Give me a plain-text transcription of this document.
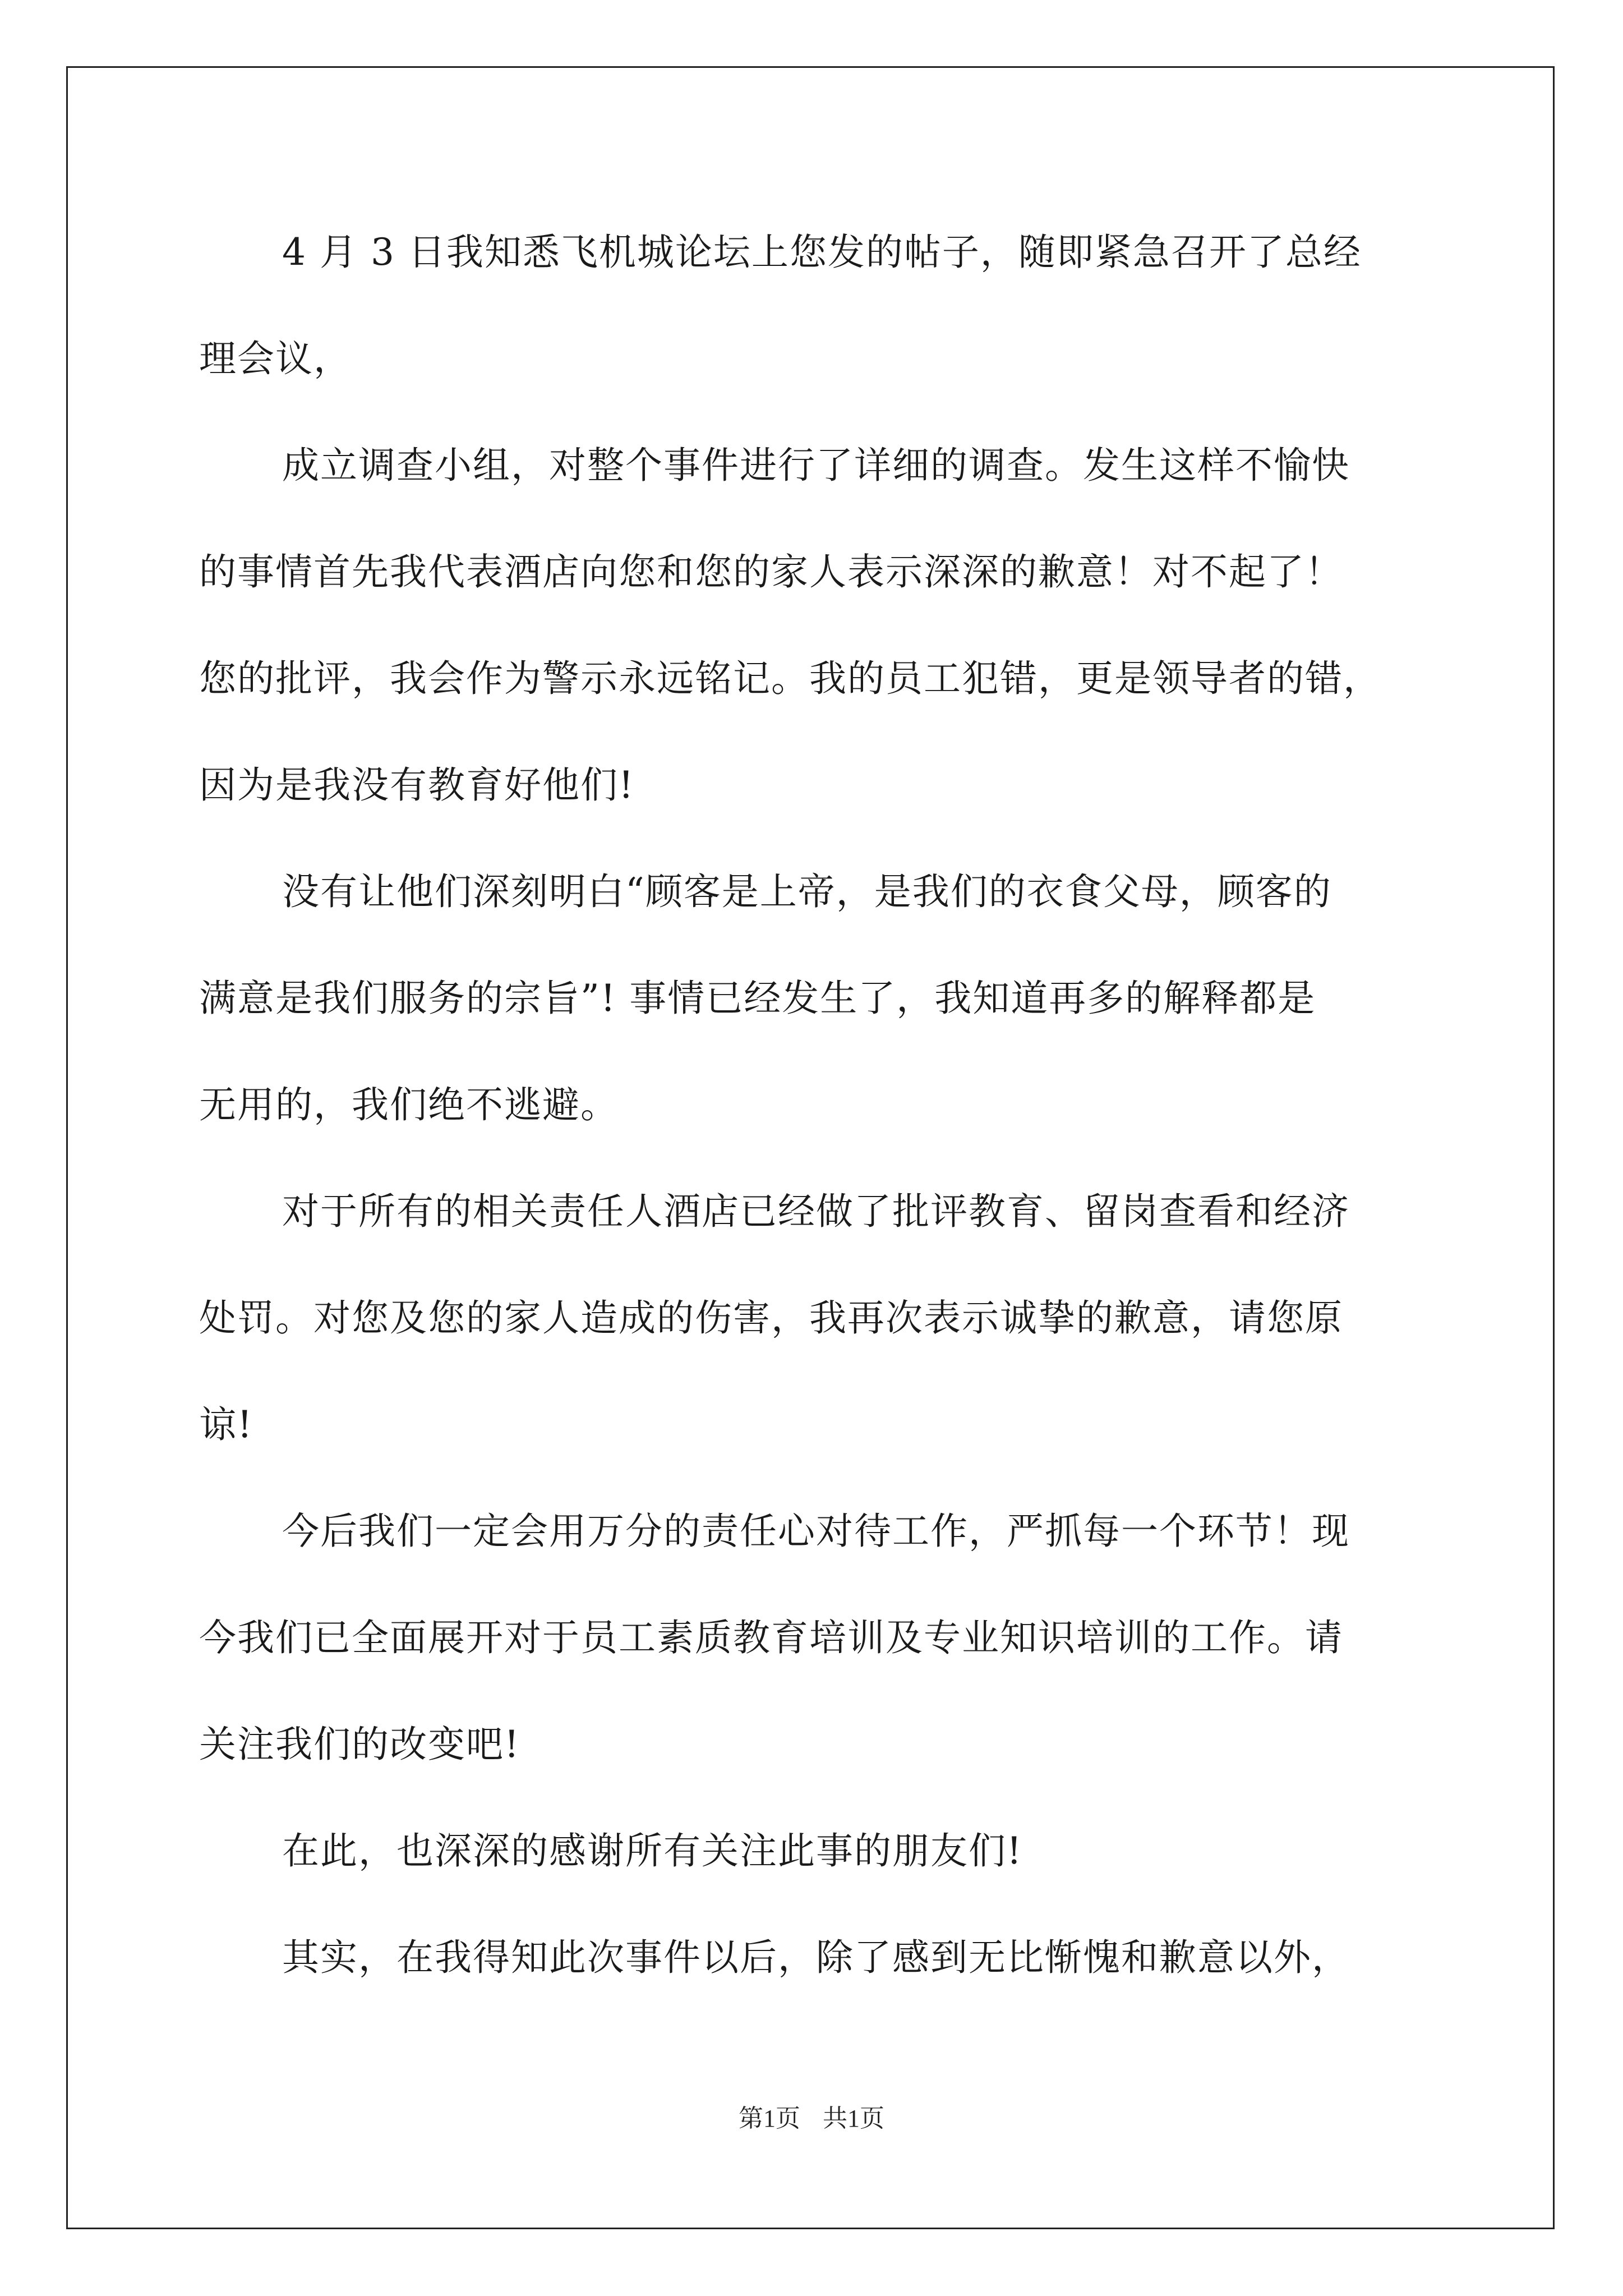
4 月 3 日我知悉飞机城论坛上您发的帖子，随即紧急召开了总经
理会议，
成立调查小组，对整个事件进行了详细的调查。发生这样不愉快
的事情首先我代表酒店向您和您的家人表示深深的歉意！对不起了！
您的批评，我会作为警示永远铭记。我的员工犯错，更是领导者的错，
因为是我没有教育好他们!
没有让他们深刻明白“顾客是上帝，是我们的衣食父母，顾客的
满意是我们服务的宗旨”! 事情已经发生了，我知道再多的解释都是
无用的，我们绝不逃避。
对于所有的相关责任人酒店已经做了批评教育、留岗查看和经济
处罚。对您及您的家人造成的伤害，我再次表示诚挚的歉意，请您原
谅!
今后我们一定会用万分的责任心对待工作，严抓每一个环节！现
今我们已全面展开对于员工素质教育培训及专业知识培训的工作。请
关注我们的改变吧!
在此，也深深的感谢所有关注此事的朋友们!
其实，在我得知此次事件以后，除了感到无比惭愧和歉意以外，
第1页 共1页
